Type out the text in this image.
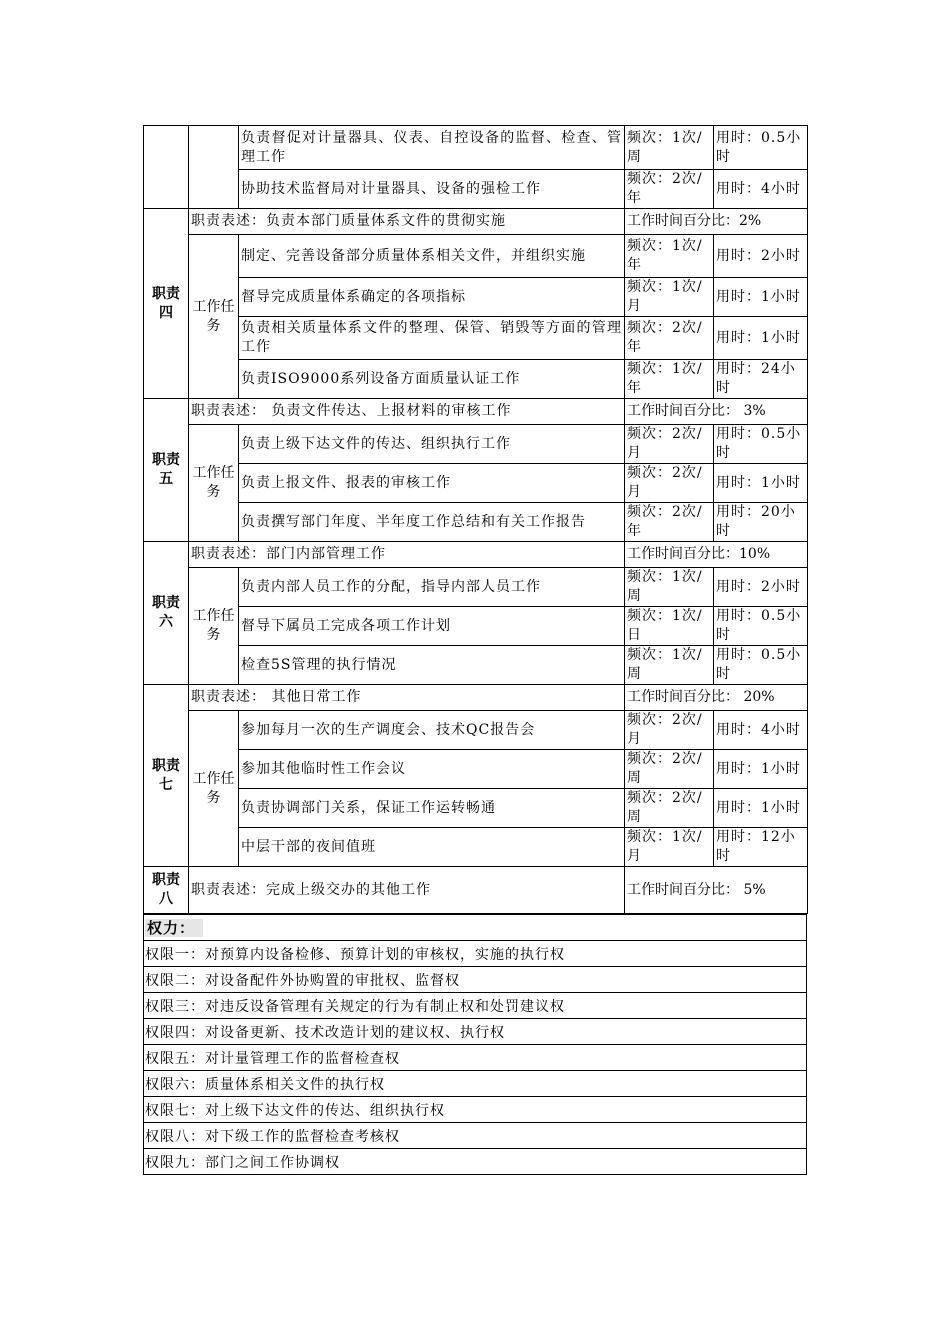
		负责督促对计量器具、仪表、自控设备的监督、检查、管理工作	频次：1次/周	用时：0.5小时
		协助技术监督局对计量器具、设备的强检工作	频次：2次/年	用时：4小时
职责四	职责表述：负责本部门质量体系文件的贯彻实施		工作时间百分比：2%	
	工作任务	制定、完善设备部分质量体系相关文件，并组织实施	频次：1次/年	用时：2小时
		督导完成质量体系确定的各项指标	频次：1次/月	用时：1小时
		负责相关质量体系文件的整理、保管、销毁等方面的管理工作	频次：2次/年	用时：1小时
		负责ISO9000系列设备方面质量认证工作	频次：1次/年	用时：24小时
职责五	职责表述： 负责文件传达、上报材料的审核工作		工作时间百分比： 3%	
	工作任务	负责上级下达文件的传达、组织执行工作	频次：2次/月	用时：0.5小时
		负责上报文件、报表的审核工作	频次：2次/月	用时：1小时
		负责撰写部门年度、半年度工作总结和有关工作报告	频次：2次/年	用时：20小时
职责六	职责表述：部门内部管理工作		工作时间百分比：10%	
	工作任务	负责内部人员工作的分配，指导内部人员工作	频次：1次/周	用时：2小时
		督导下属员工完成各项工作计划	频次：1次/日	用时：0.5小时
		检查5S管理的执行情况	频次：1次/周	用时：0.5小时
职责七	职责表述： 其他日常工作		工作时间百分比： 20%	
	工作任务	参加每月一次的生产调度会、技术QC报告会	频次：2次/月	用时：4小时
		参加其他临时性工作会议	频次：2次/周	用时：1小时
		负责协调部门关系，保证工作运转畅通	频次：2次/周	用时：1小时
		中层干部的夜间值班	频次：1次/月	用时：12小时
职责八	职责表述：完成上级交办的其他工作		工作时间百分比： 5%	
权力：
权限一：对预算内设备检修、预算计划的审核权，实施的执行权
权限二：对设备配件外协购置的审批权、监督权
权限三：对违反设备管理有关规定的行为有制止权和处罚建议权
权限四：对设备更新、技术改造计划的建议权、执行权
权限五：对计量管理工作的监督检查权
权限六：质量体系相关文件的执行权
权限七：对上级下达文件的传达、组织执行权
权限八：对下级工作的监督检查考核权
权限九：部门之间工作协调权
